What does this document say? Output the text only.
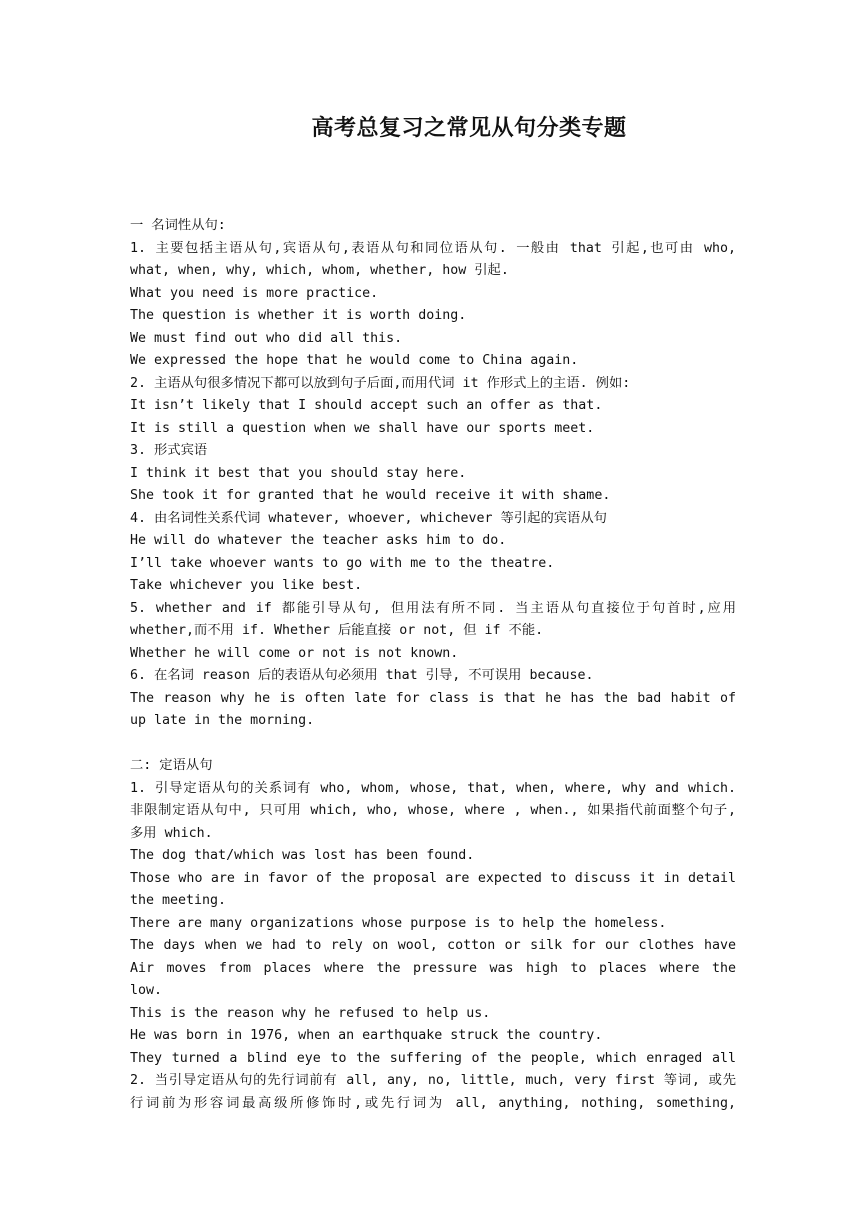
高考总复习之常见从句分类专题
一 名词性从句:
1. 主要包括主语从句,宾语从句,表语从句和同位语从句. 一般由 that 引起,也可由 who,
what, when, why, which, whom, whether, how 引起.
What you need is more practice.
The question is whether it is worth doing.
We must find out who did all this.
We expressed the hope that he would come to China again.
2. 主语从句很多情况下都可以放到句子后面,而用代词 it 作形式上的主语. 例如:
It isn’t likely that I should accept such an offer as that.
It is still a question when we shall have our sports meet.
3. 形式宾语
I think it best that you should stay here.
She took it for granted that he would receive it with shame.
4. 由名词性关系代词 whatever, whoever, whichever 等引起的宾语从句
He will do whatever the teacher asks him to do.
I’ll take whoever wants to go with me to the theatre.
Take whichever you like best.
5. whether and if 都能引导从句, 但用法有所不同. 当主语从句直接位于句首时,应用
whether,而不用 if. Whether 后能直接 or not, 但 if 不能.
Whether he will come or not is not known.
6. 在名词 reason 后的表语从句必须用 that 引导, 不可误用 because.
The reason why he is often late for class is that he has the bad habit of
up late in the morning.
二: 定语从句
1. 引导定语从句的关系词有 who, whom, whose, that, when, where, why and which.
非限制定语从句中, 只可用 which, who, whose, where , when., 如果指代前面整个句子,
多用 which.
The dog that/which was lost has been found.
Those who are in favor of the proposal are expected to discuss it in detail
the meeting.
There are many organizations whose purpose is to help the homeless.
The days when we had to rely on wool, cotton or silk for our clothes have
Air moves from places where the pressure was high to places where the
low.
This is the reason why he refused to help us.
He was born in 1976, when an earthquake struck the country.
They turned a blind eye to the suffering of the people, which enraged all
2. 当引导定语从句的先行词前有 all, any, no, little, much, very first 等词, 或先
行词前为形容词最高级所修饰时,或先行词为 all, anything, nothing, something,
